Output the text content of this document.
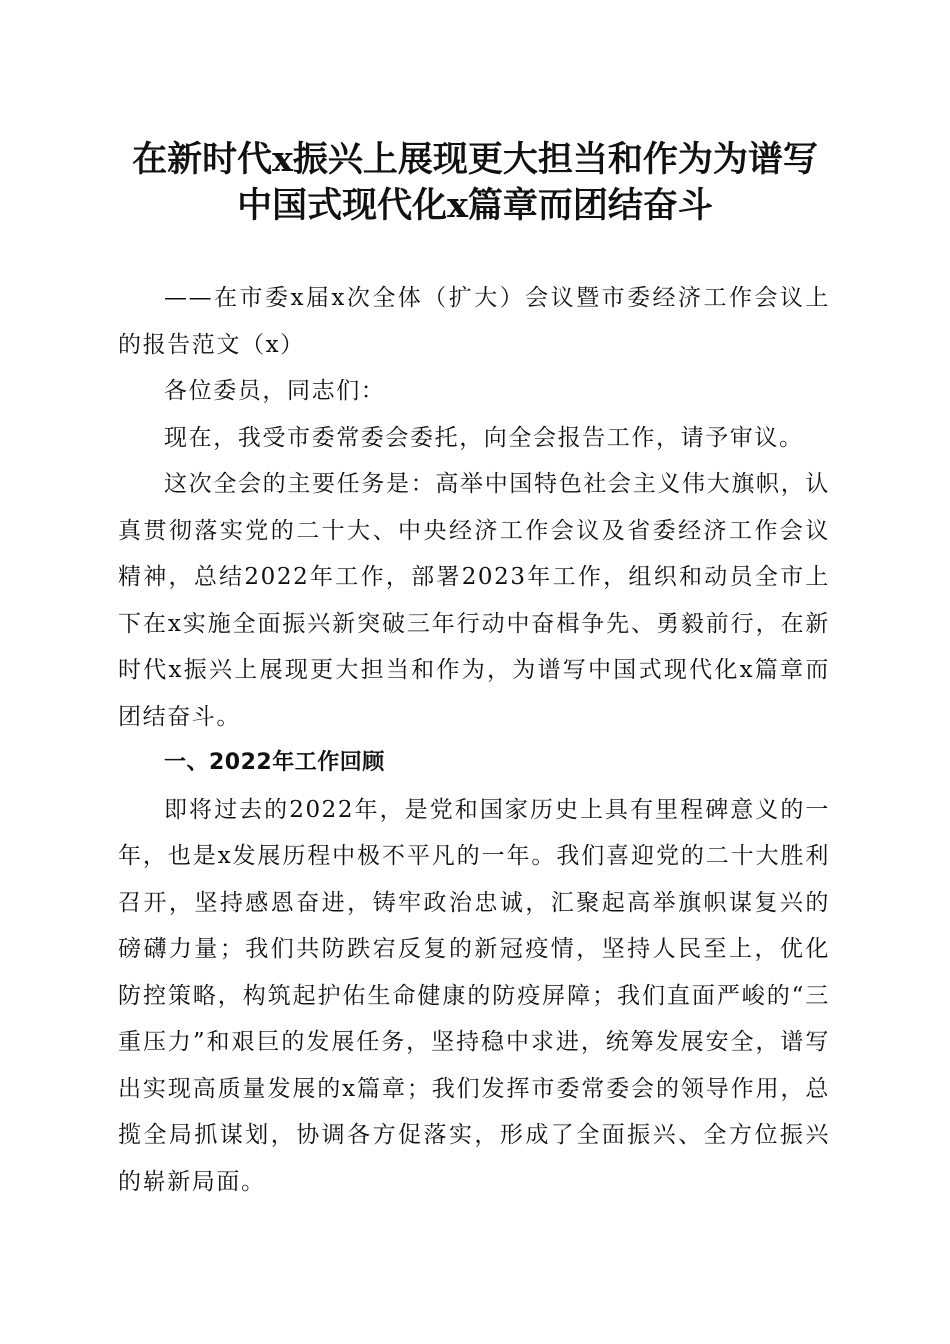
在新时代x振兴上展现更大担当和作为为谱写
中国式现代化x篇章而团结奋斗

——在市委x届x次全体（扩大）会议暨市委经济工作会议上的报告范文（x）

各位委员，同志们：

现在，我受市委常委会委托，向全会报告工作，请予审议。

这次全会的主要任务是：高举中国特色社会主义伟大旗帜，认真贯彻落实党的二十大、中央经济工作会议及省委经济工作会议精神，总结2022年工作，部署2023年工作，组织和动员全市上下在x实施全面振兴新突破三年行动中奋楫争先、勇毅前行，在新时代x振兴上展现更大担当和作为，为谱写中国式现代化x篇章而团结奋斗。

一、2022年工作回顾

即将过去的2022年，是党和国家历史上具有里程碑意义的一年，也是x发展历程中极不平凡的一年。我们喜迎党的二十大胜利召开，坚持感恩奋进，铸牢政治忠诚，汇聚起高举旗帜谋复兴的磅礴力量；我们共防跌宕反复的新冠疫情，坚持人民至上，优化防控策略，构筑起护佑生命健康的防疫屏障；我们直面严峻的“三重压力”和艰巨的发展任务，坚持稳中求进，统筹发展安全，谱写出实现高质量发展的x篇章；我们发挥市委常委会的领导作用，总揽全局抓谋划，协调各方促落实，形成了全面振兴、全方位振兴的崭新局面。
